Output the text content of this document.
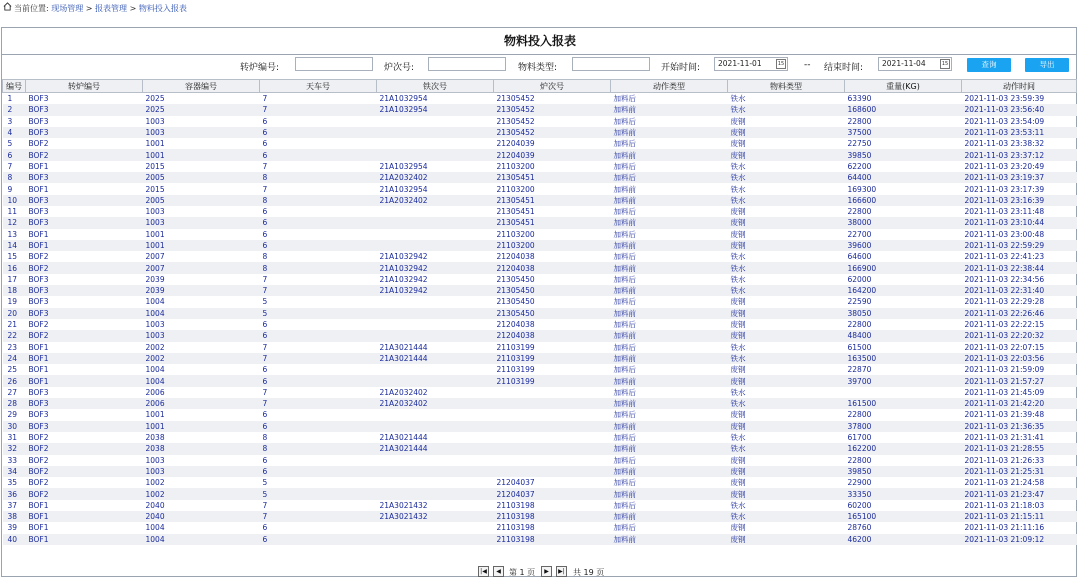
当前位置: 现场管理 > 报表管理 > 物料投入报表
物料投入报表
转炉编号:	炉次号:	物料类型:	开始时间:	2021-11-01	15 -- 结束时间:	2021-11-04	15	查询	导出
编号	转炉编号	容器编号	天车号	铁次号	炉次号	动作类型	物料类型	重量(KG)	动作时间
1	BOF3	2025	7	21A1032954	21305452	加料后	铁水	63390	2021-11-03 23:59:39
2	BOF3	2025	7	21A1032954	21305452	加料前	铁水	168600	2021-11-03 23:56:40
3	BOF3	1003	6		21305452	加料后	废钢	22800	2021-11-03 23:54:09
4	BOF3	1003	6		21305452	加料前	废钢	37500	2021-11-03 23:53:11
5	BOF2	1001	6		21204039	加料后	废钢	22750	2021-11-03 23:38:32
6	BOF2	1001	6		21204039	加料前	废钢	39850	2021-11-03 23:37:12
7	BOF1	2015	7	21A1032954	21103200	加料后	铁水	62200	2021-11-03 23:20:49
8	BOF3	2005	8	21A2032402	21305451	加料后	铁水	64400	2021-11-03 23:19:37
9	BOF1	2015	7	21A1032954	21103200	加料前	铁水	169300	2021-11-03 23:17:39
10	BOF3	2005	8	21A2032402	21305451	加料前	铁水	166600	2021-11-03 23:16:39
11	BOF3	1003	6		21305451	加料后	废钢	22800	2021-11-03 23:11:48
12	BOF3	1003	6		21305451	加料前	废钢	38000	2021-11-03 23:10:44
13	BOF1	1001	6		21103200	加料后	废钢	22700	2021-11-03 23:00:48
14	BOF1	1001	6		21103200	加料前	废钢	39600	2021-11-03 22:59:29
15	BOF2	2007	8	21A1032942	21204038	加料后	铁水	64600	2021-11-03 22:41:23
16	BOF2	2007	8	21A1032942	21204038	加料前	铁水	166900	2021-11-03 22:38:44
17	BOF3	2039	7	21A1032942	21305450	加料后	铁水	62000	2021-11-03 22:34:56
18	BOF3	2039	7	21A1032942	21305450	加料前	铁水	164200	2021-11-03 22:31:40
19	BOF3	1004	5		21305450	加料后	废钢	22590	2021-11-03 22:29:28
20	BOF3	1004	5		21305450	加料前	废钢	38050	2021-11-03 22:26:46
21	BOF2	1003	6		21204038	加料后	废钢	22800	2021-11-03 22:22:15
22	BOF2	1003	6		21204038	加料前	废钢	48400	2021-11-03 22:20:32
23	BOF1	2002	7	21A3021444	21103199	加料后	铁水	61500	2021-11-03 22:07:15
24	BOF1	2002	7	21A3021444	21103199	加料前	铁水	163500	2021-11-03 22:03:56
25	BOF1	1004	6		21103199	加料后	废钢	22870	2021-11-03 21:59:09
26	BOF1	1004	6		21103199	加料前	废钢	39700	2021-11-03 21:57:27
27	BOF3	2006	7	21A2032402		加料后	铁水		2021-11-03 21:45:09
28	BOF3	2006	7	21A2032402		加料前	铁水	161500	2021-11-03 21:42:20
29	BOF3	1001	6			加料后	废钢	22800	2021-11-03 21:39:48
30	BOF3	1001	6			加料前	废钢	37800	2021-11-03 21:36:35
31	BOF2	2038	8	21A3021444		加料后	铁水	61700	2021-11-03 21:31:41
32	BOF2	2038	8	21A3021444		加料前	铁水	162200	2021-11-03 21:28:55
33	BOF2	1003	6			加料后	废钢	22800	2021-11-03 21:26:33
34	BOF2	1003	6			加料前	废钢	39850	2021-11-03 21:25:31
35	BOF2	1002	5		21204037	加料后	废钢	22900	2021-11-03 21:24:58
36	BOF2	1002	5		21204037	加料前	废钢	33350	2021-11-03 21:23:47
37	BOF1	2040	7	21A3021432	21103198	加料后	铁水	60200	2021-11-03 21:18:03
38	BOF1	2040	7	21A3021432	21103198	加料前	铁水	165100	2021-11-03 21:15:11
39	BOF1	1004	6		21103198	加料后	废钢	28760	2021-11-03 21:11:16
40	BOF1	1004	6		21103198	加料前	废钢	46200	2021-11-03 21:09:12
|◀	◀	第 1 页	▶	▶| 共 19 页
